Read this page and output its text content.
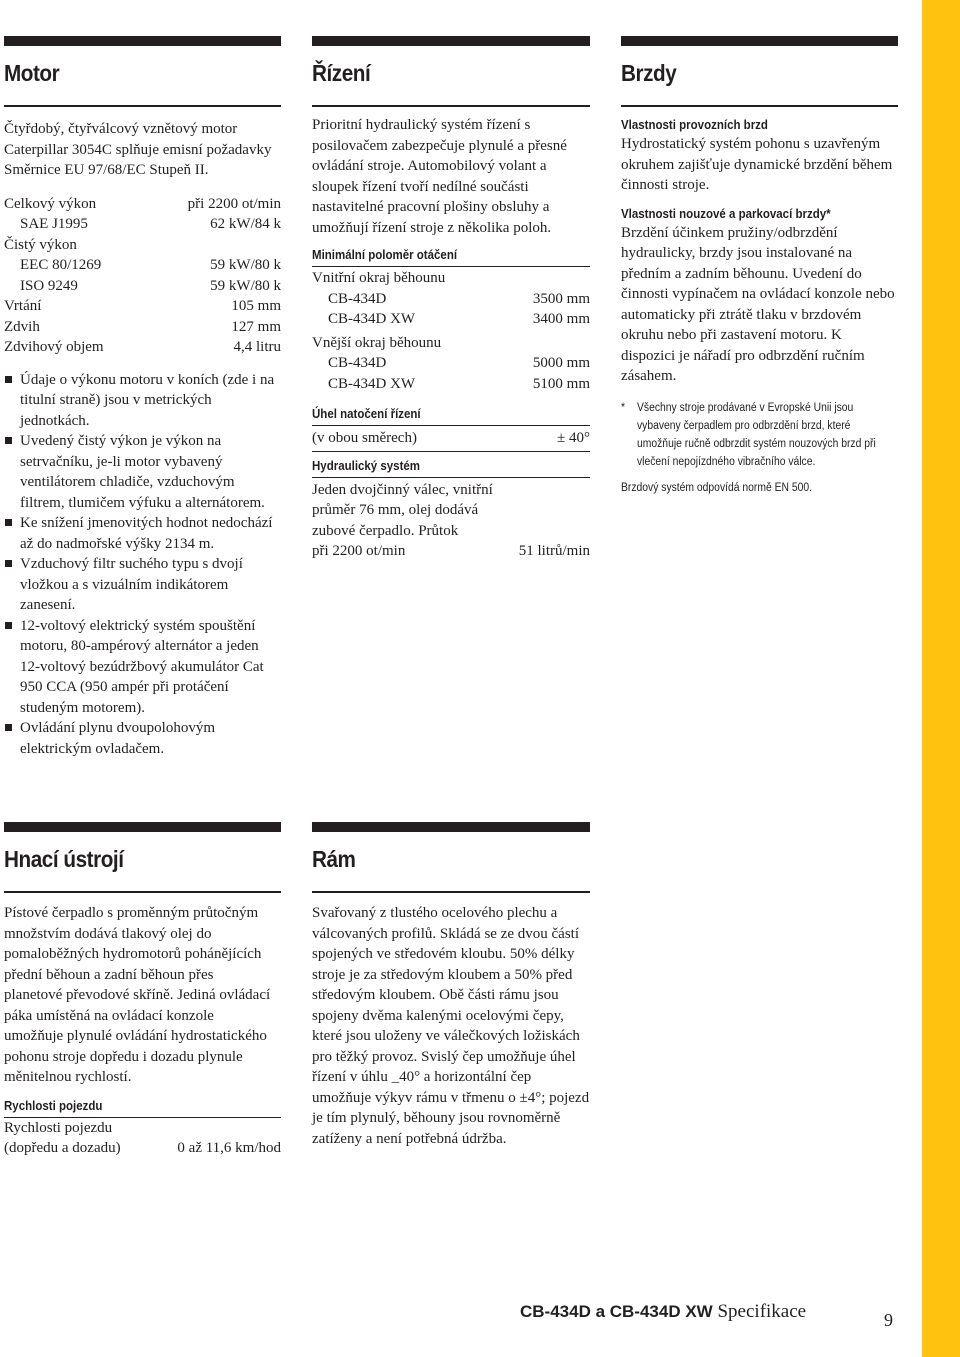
Motor

Čtyřdobý, čtyřválcový vznětový motor Caterpillar 3054C splňuje emisní požadavky Směrnice EU 97/68/EC Stupeň II.

Celkový výkon	při 2200 ot/min
SAE J1995	62 kW/84 k
Čistý výkon
EEC 80/1269	59 kW/80 k
ISO 9249	59 kW/80 k
Vrtání	105 mm
Zdvih	127 mm
Zdvihový objem	4,4 litru
Údaje o výkonu motoru v koních (zde i na titulní straně) jsou v metrických jednotkách.
Uvedený čistý výkon je výkon na setrvačníku, je-li motor vybavený ventilátorem chladiče, vzduchovým filtrem, tlumičem výfuku a alternátorem.
Ke snížení jmenovitých hodnot nedochází až do nadmořské výšky 2134 m.
Vzduchový filtr suchého typu s dvojí vložkou a s vizuálním indikátorem zanesení.
12-voltový elektrický systém spouštění motoru, 80-ampérový alternátor a jeden 12-voltový bezúdržbový akumulátor Cat 950 CCA (950 ampér při protáčení studeným motorem).
Ovládání plynu dvoupolohovým elektrickým ovladačem.
Řízení

Prioritní hydraulický systém řízení s posilovačem zabezpečuje plynulé a přesné ovládání stroje. Automobilový volant a sloupek řízení tvoří nedílné součásti nastavitelné pracovní plošiny obsluhy a umožňují řízení stroje z několika poloh.

Minimální poloměr otáčení

Vnitřní okraj běhounu

CB-434D	3500 mm
CB-434D XW	3400 mm

Vnější okraj běhounu

CB-434D	5000 mm
CB-434D XW	5100 mm
Úhel natočení řízení
(v obou směrech)	± 40°
Hydraulický systém

Jeden dvojčinný válec, vnitřní průměr 76 mm, olej dodává zubové čerpadlo. Průtok

při 2200 ot/min	51 litrů/min
Brzdy
Vlastnosti provozních brzd

Hydrostatický systém pohonu s uzavřeným okruhem zajišťuje dynamické brzdění během činnosti stroje.

Vlastnosti nouzové a parkovací brzdy*

Brzdění účinkem pružiny/odbrzdění hydraulicky, brzdy jsou instalované na předním a zadním běhounu. Uvedení do činnosti vypínačem na ovládací konzole nebo automaticky při ztrátě tlaku v brzdovém okruhu nebo při zastavení motoru. K dispozici je nářadí pro odbrzdění ručním zásahem.

* Všechny stroje prodávané v Evropské Unii jsou vybaveny čerpadlem pro odbrzdění brzd, které umožňuje ručně odbrzdit systém nouzových brzd při vlečení nepojízdného vibračního válce.
Brzdový systém odpovídá normě EN 500.
Hnací ústrojí

Pístové čerpadlo s proměnným průtočným množstvím dodává tlakový olej do pomaloběžných hydromotorů pohánějících přední běhoun a zadní běhoun přes planetové převodové skříně. Jediná ovládací páka umístěná na ovládací konzole umožňuje plynulé ovládání hydrostatického pohonu stroje dopředu i dozadu plynule měnitelnou rychlostí.

Rychlosti pojezdu

Rychlosti pojezdu

(dopředu a dozadu)	0 až 11,6 km/hod
Rám

Svařovaný z tlustého ocelového plechu a válcovaných profilů. Skládá se ze dvou částí spojených ve středovém kloubu. 50% délky stroje je za středovým kloubem a 50% před středovým kloubem. Obě části rámu jsou spojeny dvěma kalenými ocelovými čepy, které jsou uloženy ve válečkových ložiskách pro těžký provoz. Svislý čep umožňuje úhel řízení v úhlu _40° a horizontální čep umožňuje výkyv rámu v třmenu o ±4°; pojezd je tím plynulý, běhouny jsou rovnoměrně zatíženy a není potřebná údržba.

CB-434D a CB-434D XW Specifikace	9
